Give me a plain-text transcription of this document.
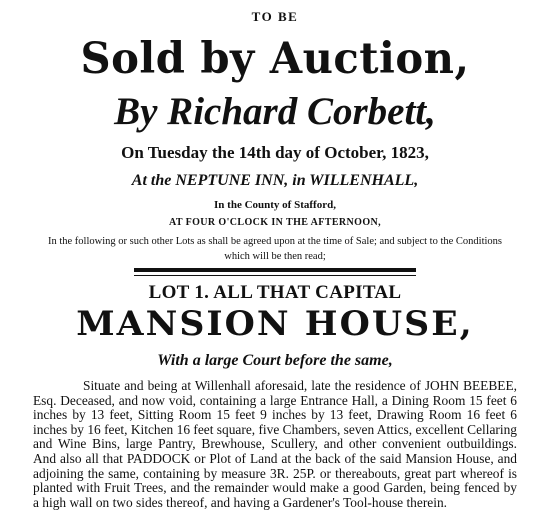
TO BE
Sold by Auction,
By Richard Corbett,
On Tuesday the 14th day of October, 1823,
At the NEPTUNE INN, in WILLENHALL,
In the County of Stafford,
AT FOUR O'CLOCK IN THE AFTERNOON,
In the following or such other Lots as shall be agreed upon at the time of Sale; and subject to the Conditions which will be then read;
LOT 1. ALL THAT CAPITAL
MANSION HOUSE,
With a large Court before the same,

Situate and being at Willenhall aforesaid, late the residence of JOHN BEEBEE, Esq. Deceased, and now void, containing a large Entrance Hall, a Dining Room 15 feet 6 inches by 13 feet, Sitting Room 15 feet 9 inches by 13 feet, Drawing Room 16 feet 6 inches by 16 feet, Kitchen 16 feet square, five Chambers, seven Attics, excellent Cellaring and Wine Bins, large Pantry, Brewhouse, Scullery, and other convenient outbuildings. And also all that PADDOCK or Plot of Land at the back of the said Mansion House, and adjoining the same, containing by measure 3R. 25P. or thereabouts, great part whereof is planted with Fruit Trees, and the remainder would make a good Garden, being fenced by a high wall on two sides thereof, and having a Gardener's Tool-house therein.
